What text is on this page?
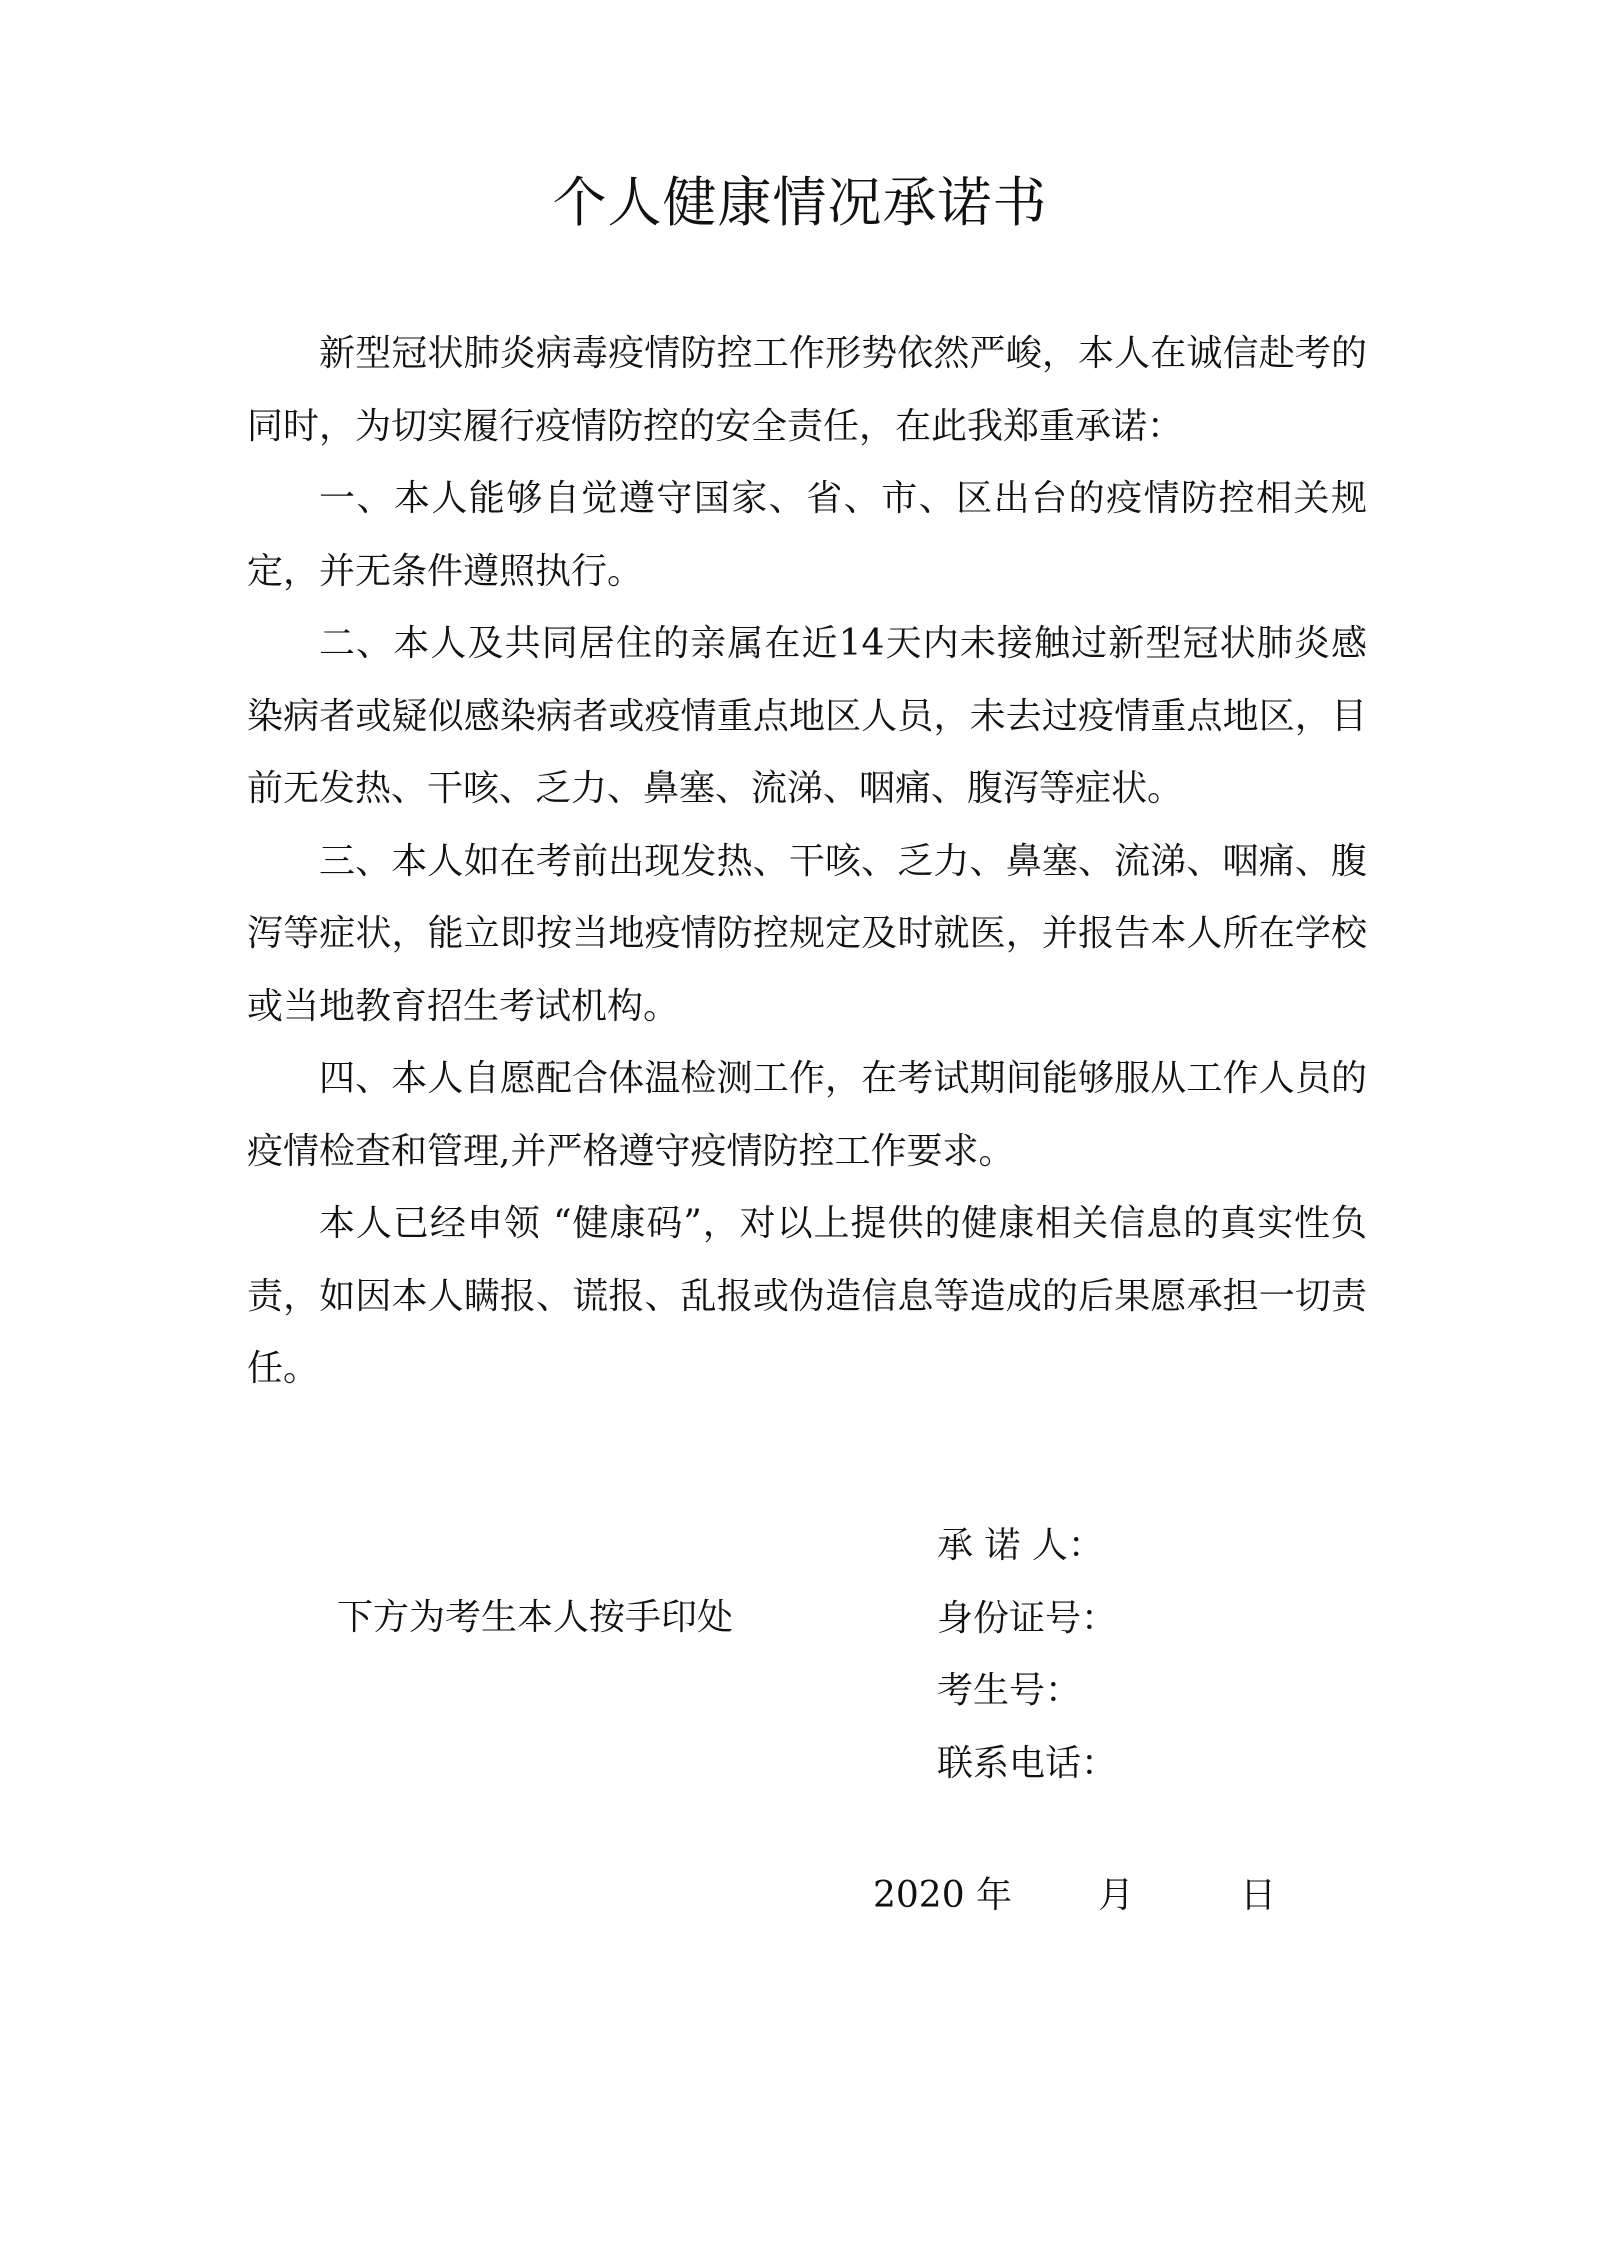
个人健康情况承诺书

新型冠状肺炎病毒疫情防控工作形势依然严峻，本人在诚信赴考的同时，为切实履行疫情防控的安全责任，在此我郑重承诺：

一、本人能够自觉遵守国家、省、市、区出台的疫情防控相关规定，并无条件遵照执行。

二、本人及共同居住的亲属在近14天内未接触过新型冠状肺炎感染病者或疑似感染病者或疫情重点地区人员，未去过疫情重点地区，目前无发热、干咳、乏力、鼻塞、流涕、咽痛、腹泻等症状。

三、本人如在考前出现发热、干咳、乏力、鼻塞、流涕、咽痛、腹泻等症状，能立即按当地疫情防控规定及时就医，并报告本人所在学校或当地教育招生考试机构。

四、本人自愿配合体温检测工作，在考试期间能够服从工作人员的疫情检查和管理,并严格遵守疫情防控工作要求。

本人已经申领 “健康码”，对以上提供的健康相关信息的真实性负责，如因本人瞒报、谎报、乱报或伪造信息等造成的后果愿承担一切责任。

承 诺 人：
身份证号：
考生号：
联系电话：
下方为考生本人按手印处
2020 年 月	日
